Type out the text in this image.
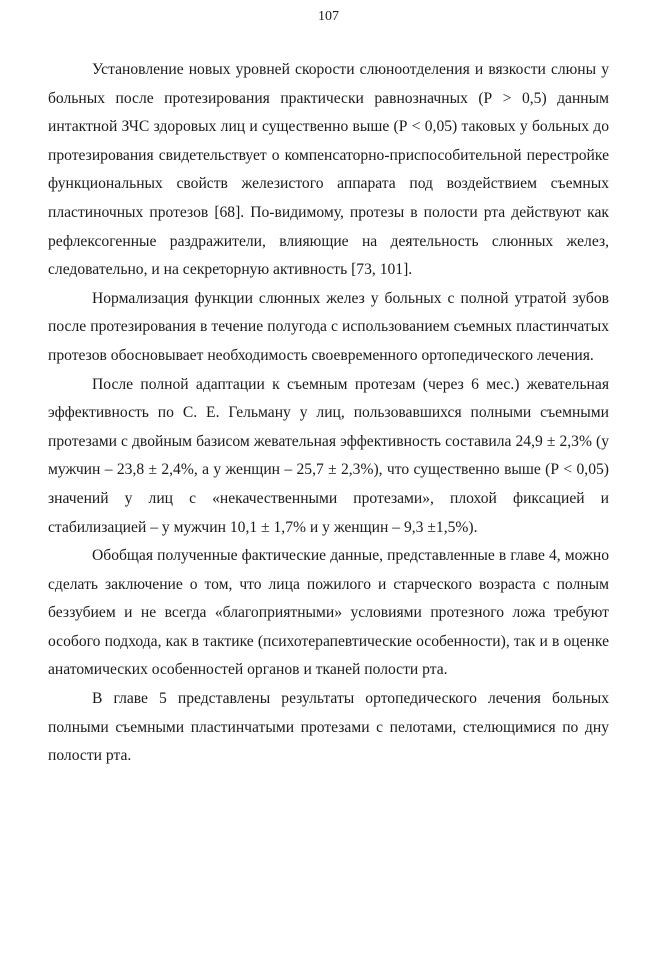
107

Установление новых уровней скорости слюноотделения и вязкости слюны у больных после протезирования практически равнозначных (Р > 0,5) данным интактной ЗЧС здоровых лиц и существенно выше (Р < 0,05) таковых у больных до протезирования свидетельствует о компенсаторно-приспособительной перестройке функциональных свойств железистого аппарата под воздействием съемных пластиночных протезов [68]. По-видимому, протезы в полости рта действуют как рефлексогенные раздражители, влияющие на деятельность слюнных желез, следовательно, и на секреторную активность [73, 101].

Нормализация функции слюнных желез у больных с полной утратой зубов после протезирования в течение полугода с использованием съемных пластинчатых протезов обосновывает необходимость своевременного ортопедического лечения.

После полной адаптации к съемным протезам (через 6 мес.) жевательная эффективность по С. Е. Гельману у лиц, пользовавшихся полными съемными протезами с двойным базисом жевательная эффективность составила 24,9 ± 2,3% (у мужчин – 23,8 ± 2,4%, а у женщин – 25,7 ± 2,3%), что существенно выше (Р < 0,05) значений у лиц с «некачественными протезами», плохой фиксацией и стабилизацией – у мужчин 10,1 ± 1,7% и у женщин – 9,3 ±1,5%).

Обобщая полученные фактические данные, представленные в главе 4, можно сделать заключение о том, что лица пожилого и старческого возраста с полным беззубием и не всегда «благоприятными» условиями протезного ложа требуют особого подхода, как в тактике (психотерапевтические особенности), так и в оценке анатомических особенностей органов и тканей полости рта.

В главе 5 представлены результаты ортопедического лечения больных полными съемными пластинчатыми протезами с пелотами, стелющимися по дну полости рта.
